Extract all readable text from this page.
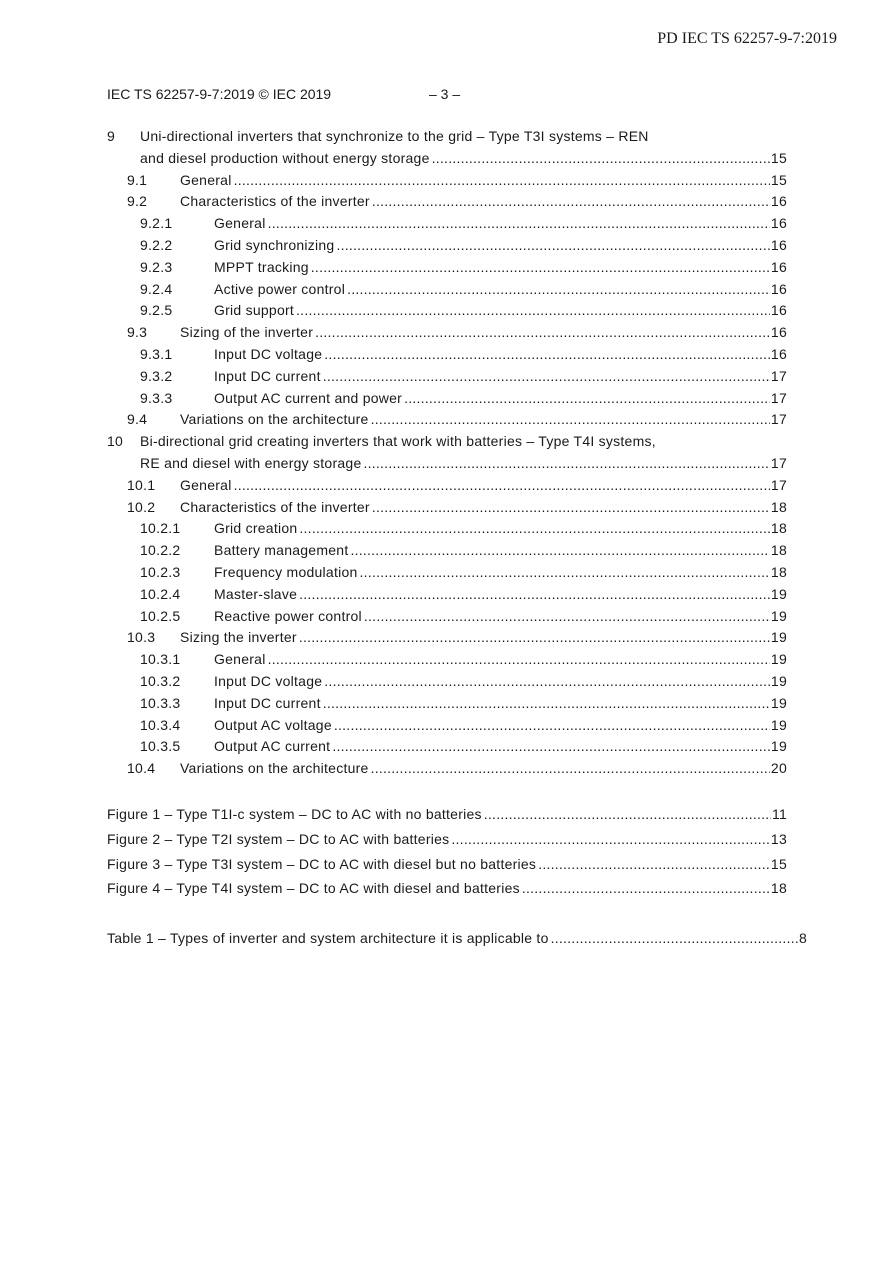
PD IEC TS 62257-9-7:2019
IEC TS 62257-9-7:2019 © IEC 2019	– 3 –
9 Uni-directional inverters that synchronize to the grid – Type T3I systems – REN
and diesel production without energy storage .....	15
9.1 General .....	15
9.2 Characteristics of the inverter .....	16
9.2.1	General .....	16
9.2.2	Grid synchronizing .....	16
9.2.3	MPPT tracking .....	16
9.2.4	Active power control .....	16
9.2.5	Grid support .....	16
9.3 Sizing of the inverter .....	16
9.3.1	Input DC voltage .....	16
9.3.2	Input DC current .....	17
9.3.3	Output AC current and power .....	17
9.4 Variations on the architecture .....	17
10 Bi-directional grid creating inverters that work with batteries – Type T4I systems,
RE and diesel with energy storage .....	17
10.1 General .....	17
10.2 Characteristics of the inverter .....	18
10.2.1 Grid creation .....	18
10.2.2 Battery management .....	18
10.2.3 Frequency modulation .....	18
10.2.4 Master-slave .....	19
10.2.5 Reactive power control .....	19
10.3 Sizing the inverter .....	19
10.3.1 General .....	19
10.3.2 Input DC voltage .....	19
10.3.3 Input DC current .....	19
10.3.4 Output AC voltage .....	19
10.3.5 Output AC current .....	19
10.4 Variations on the architecture .....	20
Figure 1 – Type T1I-c system – DC to AC with no batteries .....	11
Figure 2 – Type T2I system – DC to AC with batteries .....	13
Figure 3 – Type T3I system – DC to AC with diesel but no batteries .....	15
Figure 4 – Type T4I system – DC to AC with diesel and batteries .....	18
Table 1 – Types of inverter and system architecture it is applicable to .....	8
